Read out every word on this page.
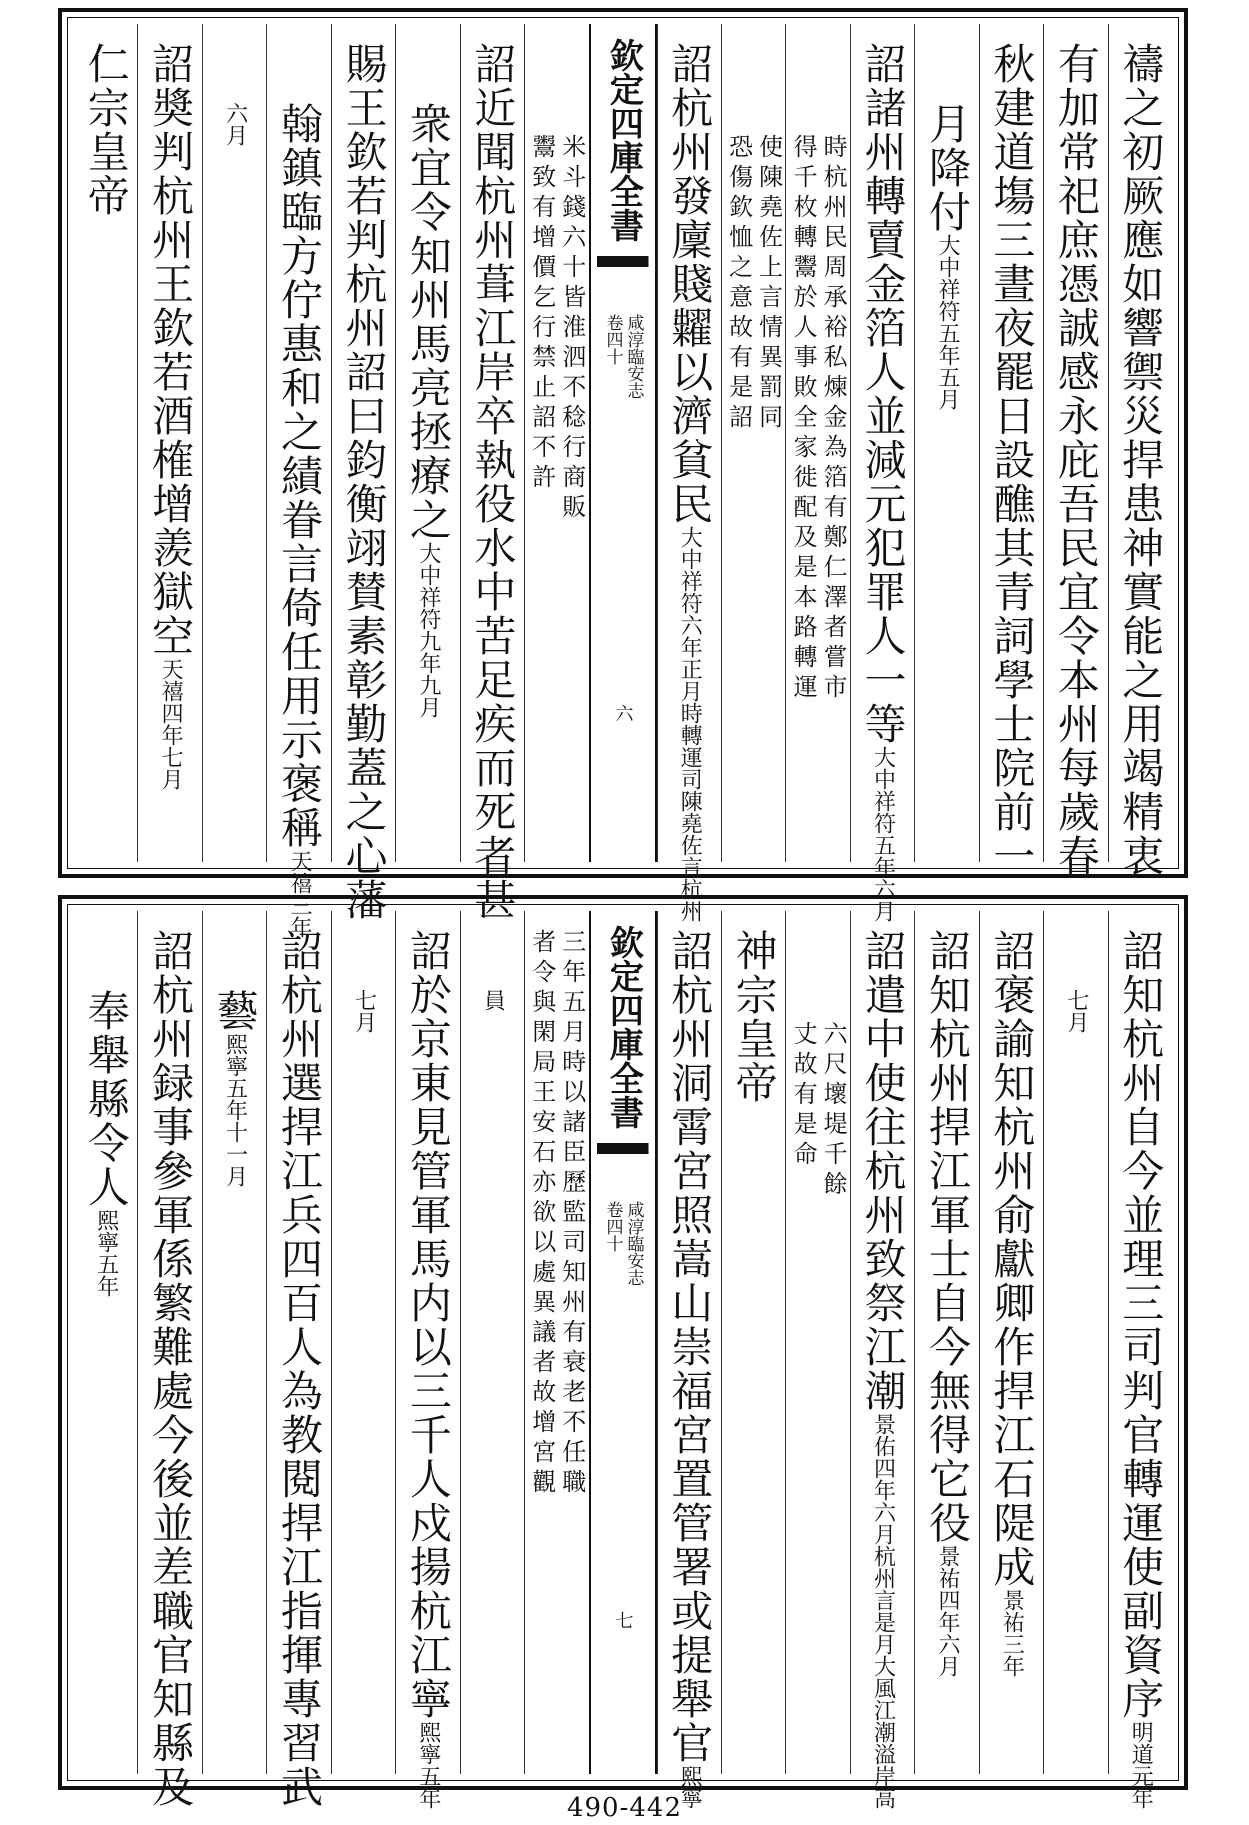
禱之初厥應如響禦災捍患神實能之用竭精衷
有加常祀庶憑誠感永庇吾民宜令本州每歲春
秋建道塲三晝夜罷日設醮其青詞學士院前一
月降付大中祥符五年五月
詔諸州轉賣金箔人並減元犯罪人一等大中祥符五年六月
時杭州民周承裕私煉金為箔有鄭仁澤者嘗市
得千枚轉鬻於人事敗全家徙配及是本路轉運
使陳堯佐上言情異罰同
恐傷欽恤之意故有是詔
詔杭州發廩賤糶以濟貧民大中祥符六年正月時轉運司陳堯佐言杭州
欽定四庫全書
咸淳臨安志
卷四十
六
米斗錢六十皆淮泗不稔行商販
鬻致有增價乞行禁止詔不許
詔近聞杭州葺江岸卒執役水中苦足疾而死者甚
衆宜令知州馬亮拯療之大中祥符九年九月
賜王欽若判杭州詔曰鈞衡翊賛素彰勤蓋之心藩
翰鎮臨方佇惠和之績眷言倚任用示褒稱天禧三年
六月
詔奬判杭州王欽若酒榷增羨獄空天禧四年七月
仁宗皇帝
詔知杭州自今並理三司判官轉運使副資序明道元年
七月
詔褒諭知杭州俞獻卿作捍江石隄成景祐三年
詔知杭州捍江軍士自今無得它役景祐四年六月
詔遣中使往杭州致祭江潮景佑四年六月杭州言是月大風江潮溢岸高
六尺壞堤千餘
丈故有是命
神宗皇帝
詔杭州洞霄宮照嵩山崇福宮置管署或提舉官熙寧
欽定四庫全書
咸淳臨安志
卷四十
七
三年五月時以諸臣歷監司知州有衰老不任職
者令與閑局王安石亦欲以處異議者故增宮觀
員
詔於京東見管軍馬内以三千人戍揚杭江寧熙寧五年
七月
詔杭州選捍江兵四百人為教閱捍江指揮專習武
藝熙寧五年十一月
詔杭州録事參軍係繁難處今後並差職官知縣及
奉舉縣令人熙寧五年
490-442
